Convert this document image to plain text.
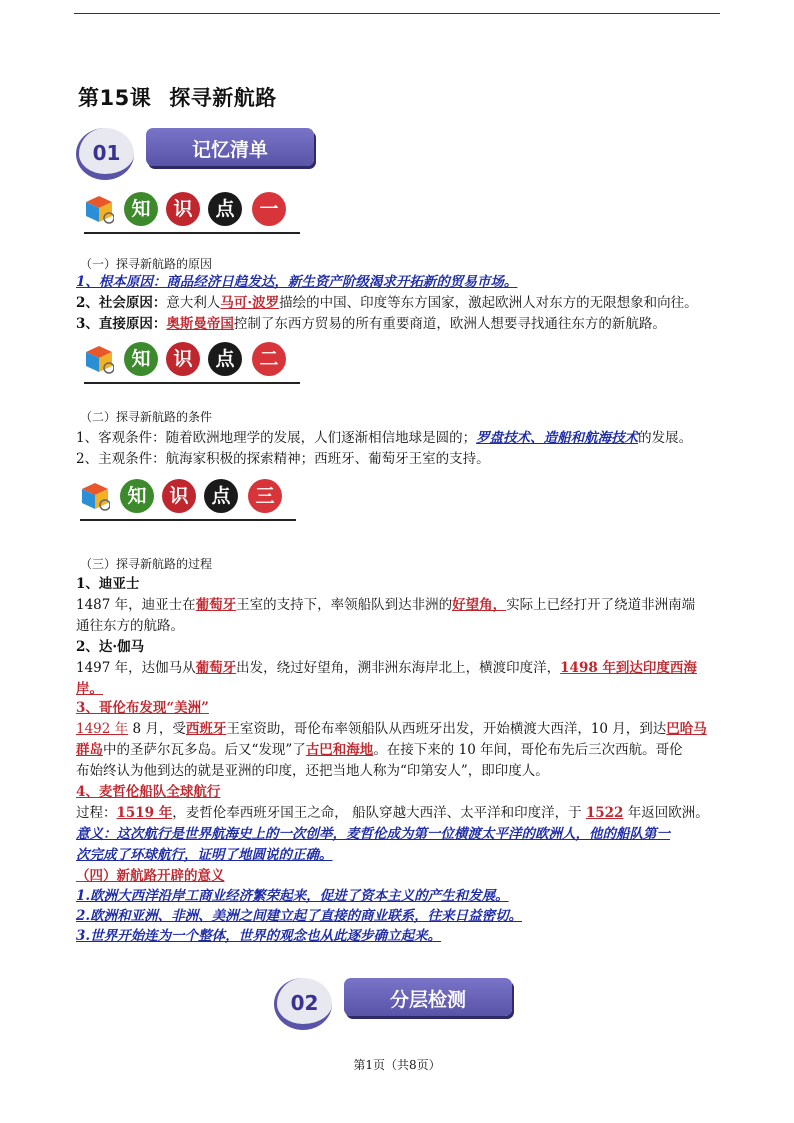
第15课 探寻新航路
记忆清单
01
知	识	点	一
（一）探寻新航路的原因
1、根本原因：商品经济日趋发达，新生资产阶级渴求开拓新的贸易市场。
2、社会原因：意大利人马可·波罗描绘的中国、印度等东方国家，激起欧洲人对东方的无限想象和向往。
3、直接原因：奥斯曼帝国控制了东西方贸易的所有重要商道，欧洲人想要寻找通往东方的新航路。
知	识	点	二
（二）探寻新航路的条件
1、客观条件：随着欧洲地理学的发展，人们逐渐相信地球是圆的；罗盘技术、造船和航海技术的发展。
2、主观条件：航海家积极的探索精神；西班牙、葡萄牙王室的支持。
知	识	点	三
（三）探寻新航路的过程
1、迪亚士
1487 年，迪亚士在葡萄牙王室的支持下，率领船队到达非洲的好望角，实际上已经打开了绕道非洲南端
通往东方的航路。
2、达·伽马
1497 年，达伽马从葡萄牙出发，绕过好望角，溯非洲东海岸北上，横渡印度洋，1498 年到达印度西海
岸。
3、哥伦布发现“美洲”
1492 年 8 月，受西班牙王室资助，哥伦布率领船队从西班牙出发，开始横渡大西洋，10 月，到达巴哈马
群岛中的圣萨尔瓦多岛。后又“发现”了古巴和海地。在接下来的 10 年间，哥伦布先后三次西航。哥伦
布始终认为他到达的就是亚洲的印度，还把当地人称为“印第安人”，即印度人。
4、麦哲伦船队全球航行
过程：1519 年，麦哲伦奉西班牙国王之命， 船队穿越大西洋、太平洋和印度洋，于 1522 年返回欧洲。
意义：这次航行是世界航海史上的一次创举，麦哲伦成为第一位横渡太平洋的欧洲人，他的船队第一
次完成了环球航行，证明了地圆说的正确。
（四）新航路开辟的意义
1.欧洲大西洋沿岸工商业经济繁荣起来，促进了资本主义的产生和发展。
2.欧洲和亚洲、非洲、美洲之间建立起了直接的商业联系，往来日益密切。
3.世界开始连为一个整体，世界的观念也从此逐步确立起来。
分层检测
02
第1页（共8页）
